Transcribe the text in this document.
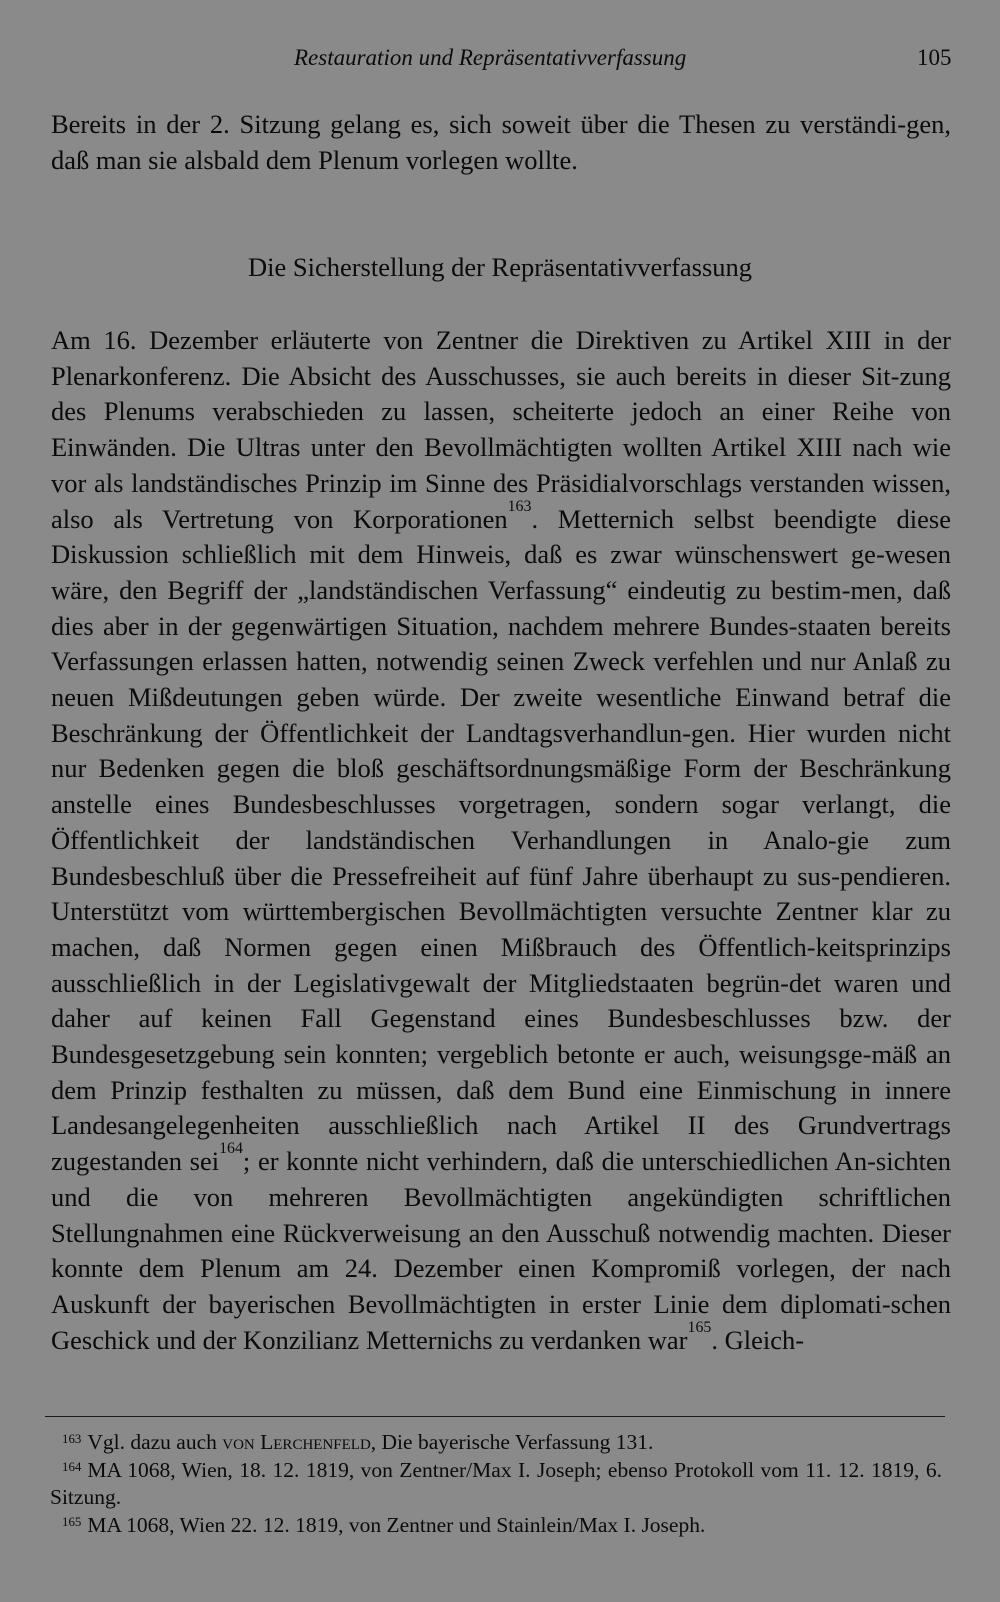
Restauration und Repräsentativverfassung	105
Bereits in der 2. Sitzung gelang es, sich soweit über die Thesen zu verständi-gen, daß man sie alsbald dem Plenum vorlegen wollte.
Die Sicherstellung der Repräsentativverfassung
Am 16. Dezember erläuterte von Zentner die Direktiven zu Artikel XIII in der Plenarkonferenz. Die Absicht des Ausschusses, sie auch bereits in dieser Sit-zung des Plenums verabschieden zu lassen, scheiterte jedoch an einer Reihe von Einwänden. Die Ultras unter den Bevollmächtigten wollten Artikel XIII nach wie vor als landständisches Prinzip im Sinne des Präsidialvorschlags verstanden wissen, also als Vertretung von Korporationen$^{163}$. Metternich selbst beendigte diese Diskussion schließlich mit dem Hinweis, daß es zwar wünschenswert ge-wesen wäre, den Begriff der „landständischen Verfassung“ eindeutig zu bestim-men, daß dies aber in der gegenwärtigen Situation, nachdem mehrere Bundes-staaten bereits Verfassungen erlassen hatten, notwendig seinen Zweck verfehlen und nur Anlaß zu neuen Mißdeutungen geben würde. Der zweite wesentliche Einwand betraf die Beschränkung der Öffentlichkeit der Landtagsverhandlun-gen. Hier wurden nicht nur Bedenken gegen die bloß geschäftsordnungsmäßige Form der Beschränkung anstelle eines Bundesbeschlusses vorgetragen, sondern sogar verlangt, die Öffentlichkeit der landständischen Verhandlungen in Analo-gie zum Bundesbeschluß über die Pressefreiheit auf fünf Jahre überhaupt zu sus-pendieren. Unterstützt vom württembergischen Bevollmächtigten versuchte Zentner klar zu machen, daß Normen gegen einen Mißbrauch des Öffentlich-keitsprinzips ausschließlich in der Legislativgewalt der Mitgliedstaaten begrün-det waren und daher auf keinen Fall Gegenstand eines Bundesbeschlusses bzw. der Bundesgesetzgebung sein konnten; vergeblich betonte er auch, weisungsge-mäß an dem Prinzip festhalten zu müssen, daß dem Bund eine Einmischung in innere Landesangelegenheiten ausschließlich nach Artikel II des Grundvertrags zugestanden sei$^{164}$; er konnte nicht verhindern, daß die unterschiedlichen An-sichten und die von mehreren Bevollmächtigten angekündigten schriftlichen Stellungnahmen eine Rückverweisung an den Ausschuß notwendig machten. Dieser konnte dem Plenum am 24. Dezember einen Kompromiß vorlegen, der nach Auskunft der bayerischen Bevollmächtigten in erster Linie dem diplomati-schen Geschick und der Konzilianz Metternichs zu verdanken war$^{165}$. Gleich-
$^{163}$ Vgl. dazu auch von Lerchenfeld, Die bayerische Verfassung 131.
$^{164}$ MA 1068, Wien, 18. 12. 1819, von Zentner/Max I. Joseph; ebenso Protokoll vom 11. 12. 1819, 6. Sitzung.
$^{165}$ MA 1068, Wien 22. 12. 1819, von Zentner und Stainlein/Max I. Joseph.
